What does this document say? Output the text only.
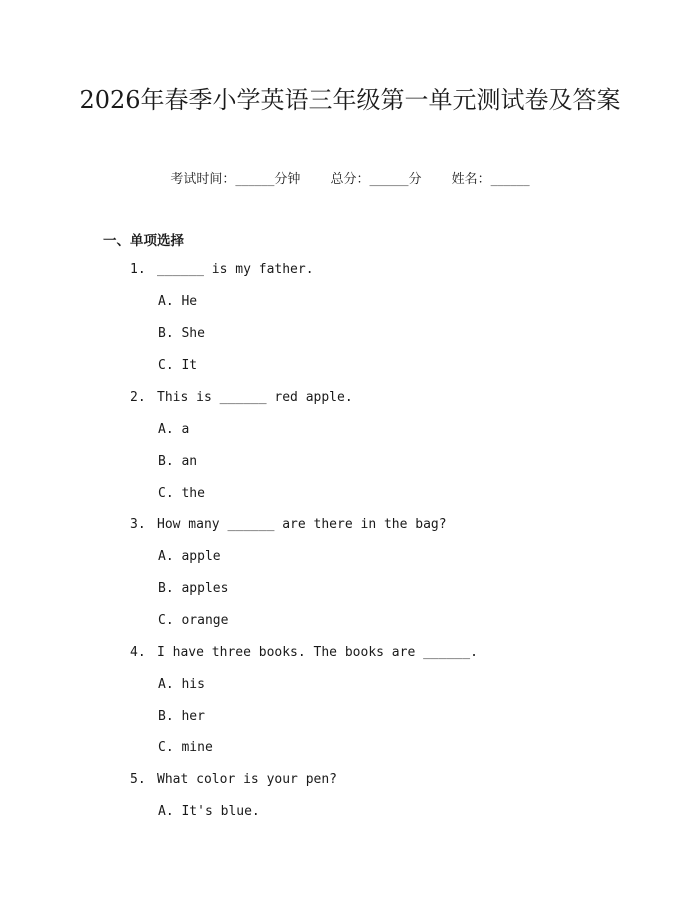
2026年春季小学英语三年级第一单元测试卷及答案
考试时间：______分钟 总分：______分 姓名：______
一、单项选择
1. ______ is my father.
A. He
B. She
C. It
2. This is ______ red apple.
A. a
B. an
C. the
3. How many ______ are there in the bag?
A. apple
B. apples
C. orange
4. I have three books. The books are ______.
A. his
B. her
C. mine
5. What color is your pen?
A. It's blue.
